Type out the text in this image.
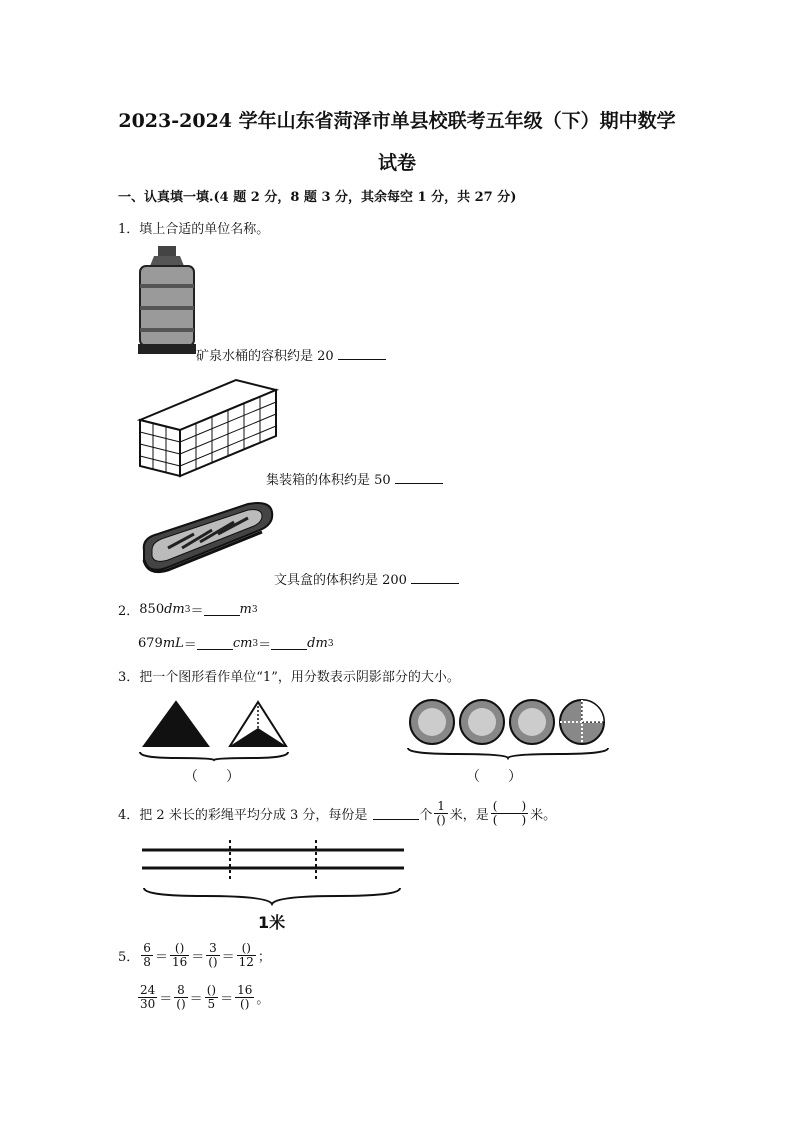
2023-2024 学年山东省菏泽市单县校联考五年级（下）期中数学
试卷
一、认真填一填.(4 题 2 分，8 题 3 分，其余每空 1 分，共 27 分)
1．填上合适的单位名称。
矿泉水桶的容积约是 20
集装箱的体积约是 50
文具盒的体积约是 200
2． 850 dm 3 ＝	m 3
679 mL ＝	cm 3 ＝	dm 3
3．把一个图形看作单位“1”，用分数表示阴影部分的大小。
（　　）	（　　）
4． 把 2 米长的彩绳平均分成 3 分，每份是	个 $\frac{1}{()}$ 米，是 $\frac{( )}{( )}$ 米。
1米
5． $\frac{6}{8} = \frac{()}{16} = \frac{3}{()} = \frac{()}{12}$ ；
$\frac{24}{30} = \frac{8}{()} = \frac{()}{5} = \frac{16}{()}$ 。
